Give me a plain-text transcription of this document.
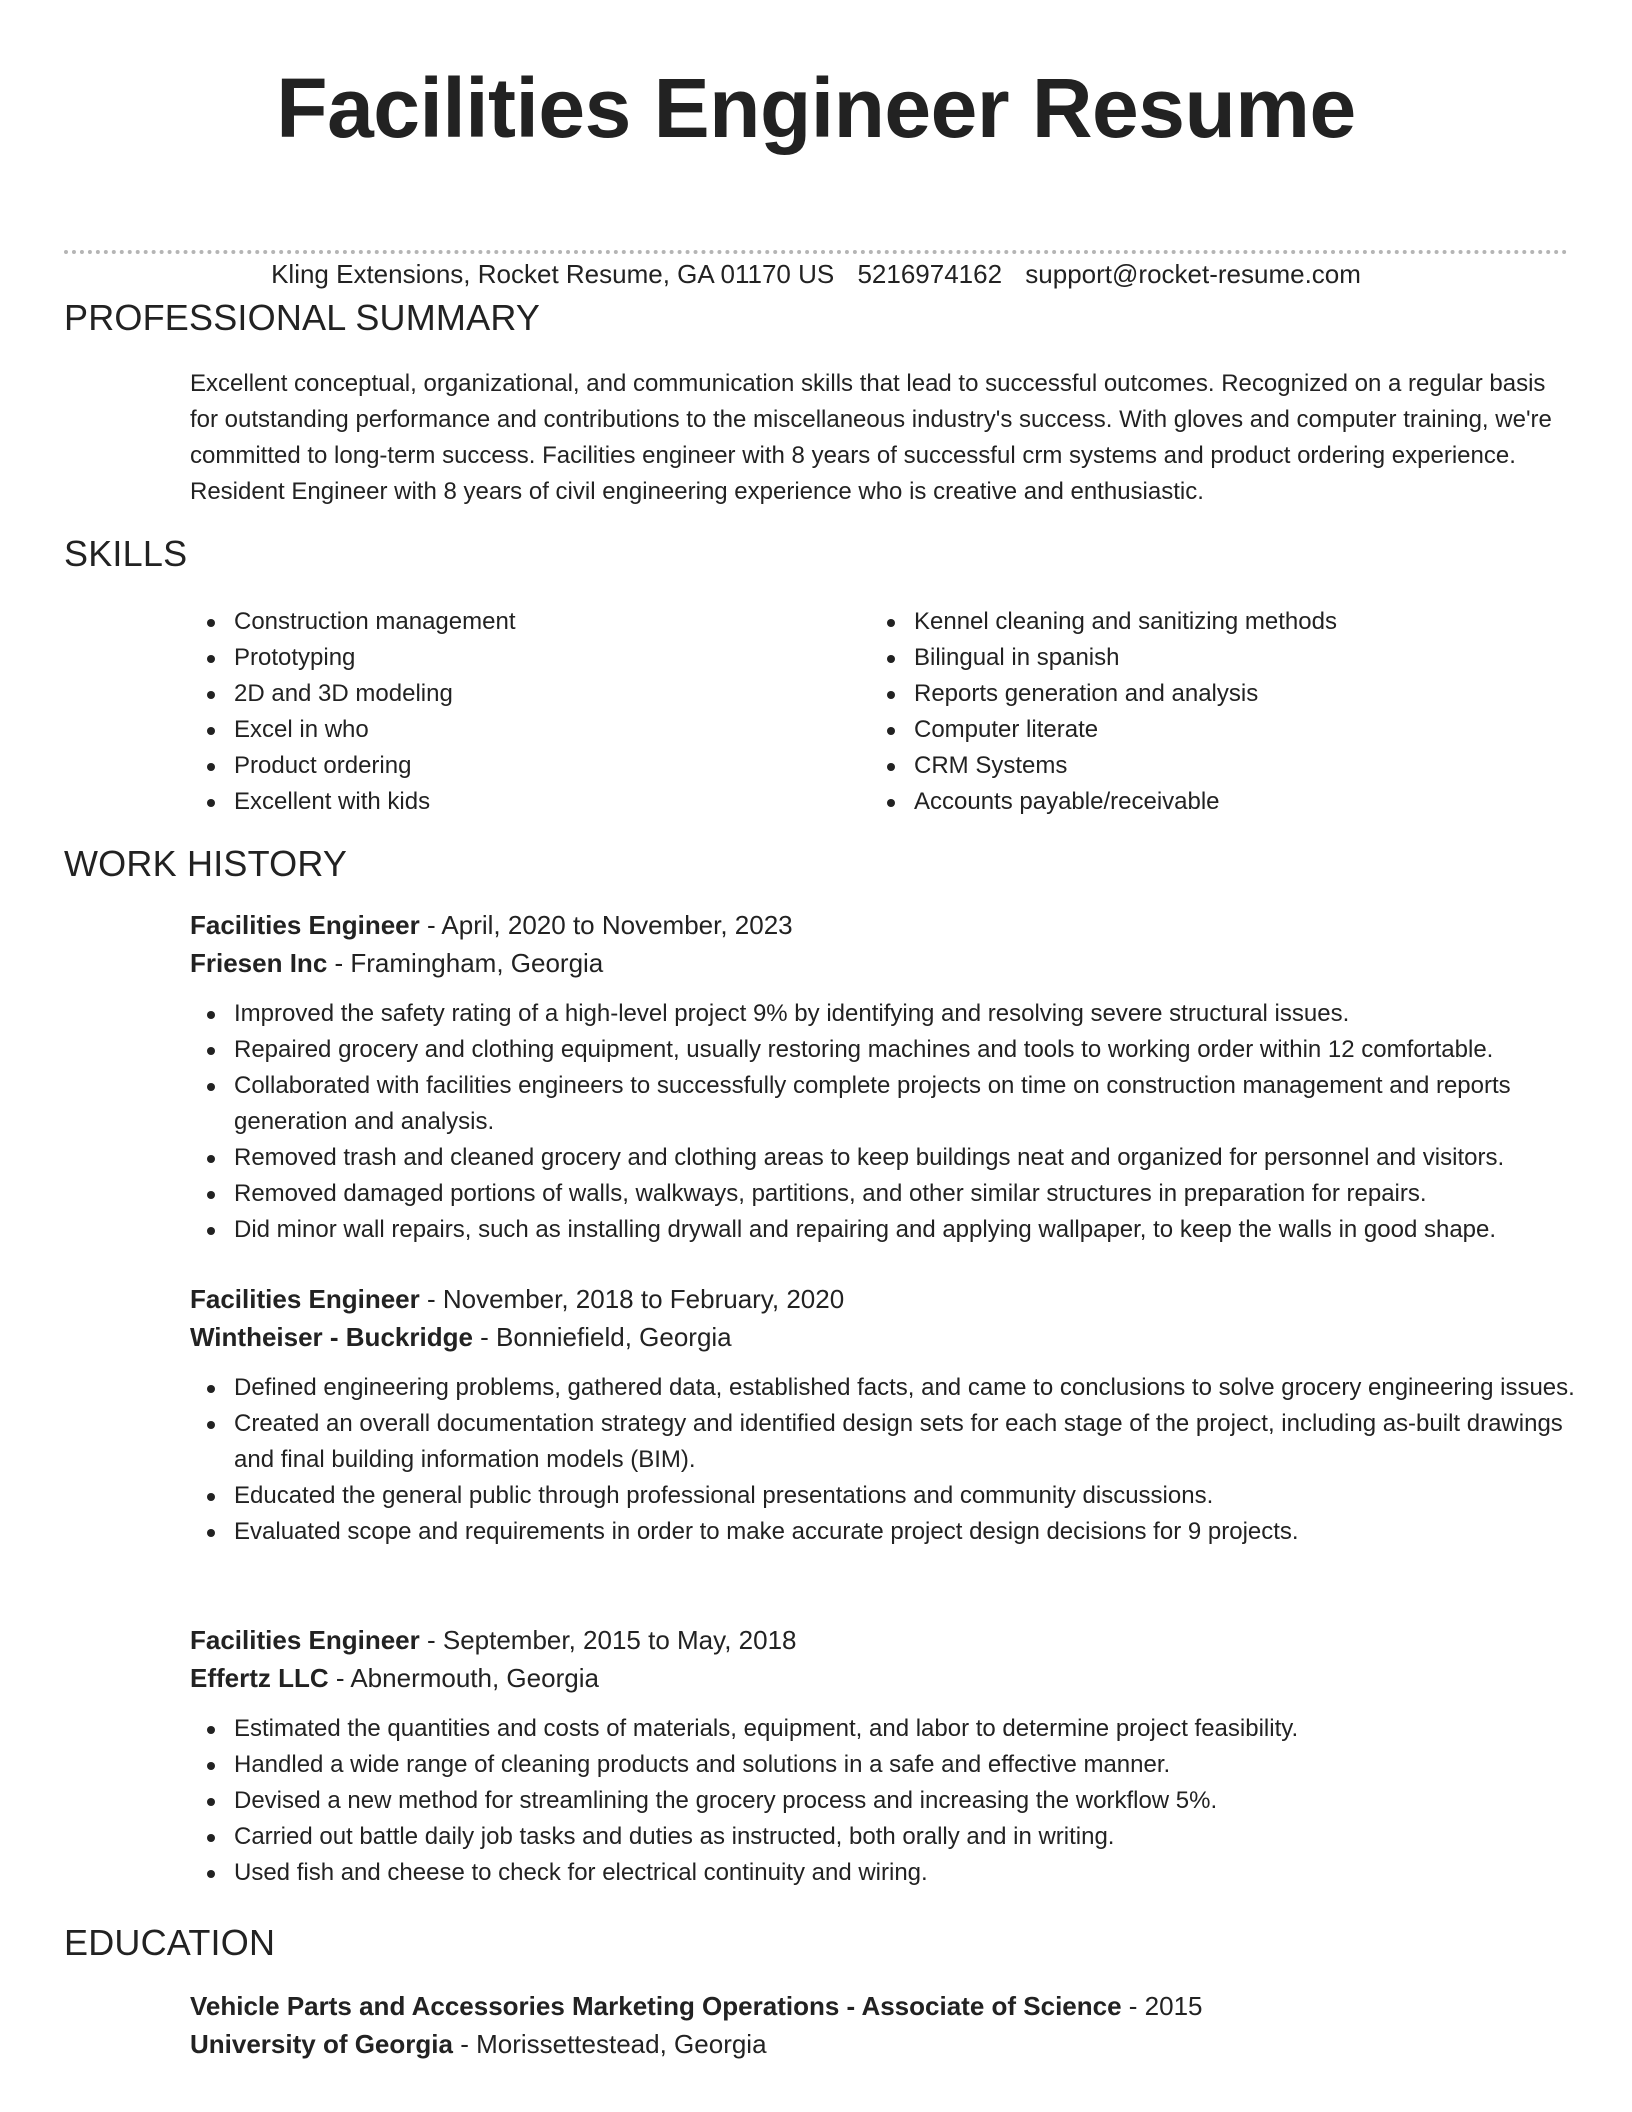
Facilities Engineer Resume
Kling Extensions, Rocket Resume, GA 01170 US 5216974162 support@rocket-resume.com
PROFESSIONAL SUMMARY

Excellent conceptual, organizational, and communication skills that lead to successful outcomes. Recognized on a regular basis for outstanding performance and contributions to the miscellaneous industry's success. With gloves and computer training, we're committed to long-term success. Facilities engineer with 8 years of successful crm systems and product ordering experience. Resident Engineer with 8 years of civil engineering experience who is creative and enthusiastic.

SKILLS
Construction management
Prototyping
2D and 3D modeling
Excel in who
Product ordering
Excellent with kids
Kennel cleaning and sanitizing methods
Bilingual in spanish
Reports generation and analysis
Computer literate
CRM Systems
Accounts payable/receivable
WORK HISTORY
Facilities Engineer - April, 2020 to November, 2023
Friesen Inc - Framingham, Georgia
Improved the safety rating of a high-level project 9% by identifying and resolving severe structural issues.
Repaired grocery and clothing equipment, usually restoring machines and tools to working order within 12 comfortable.
Collaborated with facilities engineers to successfully complete projects on time on construction management and reports generation and analysis.
Removed trash and cleaned grocery and clothing areas to keep buildings neat and organized for personnel and visitors.
Removed damaged portions of walls, walkways, partitions, and other similar structures in preparation for repairs.
Did minor wall repairs, such as installing drywall and repairing and applying wallpaper, to keep the walls in good shape.
Facilities Engineer - November, 2018 to February, 2020
Wintheiser - Buckridge - Bonniefield, Georgia
Defined engineering problems, gathered data, established facts, and came to conclusions to solve grocery engineering issues.
Created an overall documentation strategy and identified design sets for each stage of the project, including as-built drawings and final building information models (BIM).
Educated the general public through professional presentations and community discussions.
Evaluated scope and requirements in order to make accurate project design decisions for 9 projects.
Facilities Engineer - September, 2015 to May, 2018
Effertz LLC - Abnermouth, Georgia
Estimated the quantities and costs of materials, equipment, and labor to determine project feasibility.
Handled a wide range of cleaning products and solutions in a safe and effective manner.
Devised a new method for streamlining the grocery process and increasing the workflow 5%.
Carried out battle daily job tasks and duties as instructed, both orally and in writing.
Used fish and cheese to check for electrical continuity and wiring.
EDUCATION
Vehicle Parts and Accessories Marketing Operations - Associate of Science - 2015
University of Georgia - Morissettestead, Georgia
